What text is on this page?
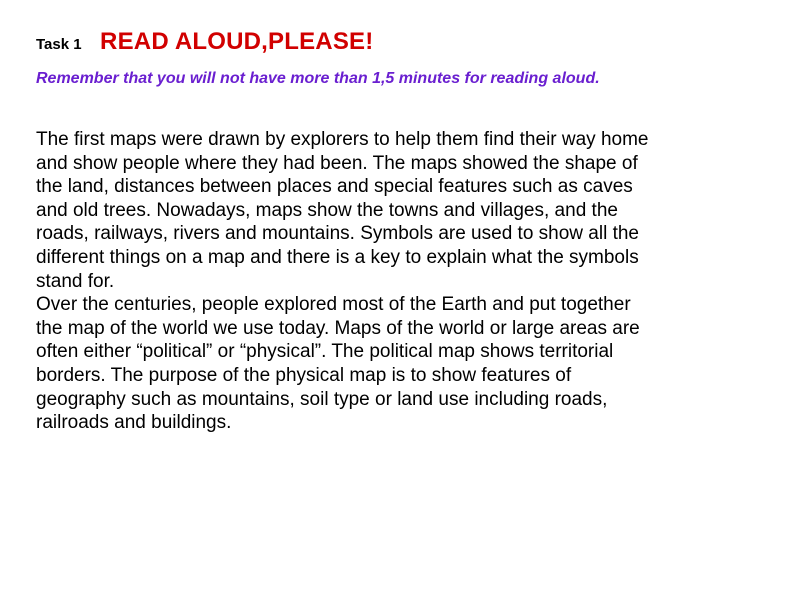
Task 1 READ ALOUD,PLEASE!
Remember that you will not have more than 1,5 minutes for reading aloud.

The first maps were drawn by explorers to help them find their way home
and show people where they had been. The maps showed the shape of
the land, distances between places and special features such as caves
and old trees. Nowadays, maps show the towns and villages, and the
roads, railways, rivers and mountains. Symbols are used to show all the
different things on a map and there is a key to explain what the symbols
stand for.

Over the centuries, people explored most of the Earth and put together
the map of the world we use today. Maps of the world or large areas are
often either “political” or “physical”. The political map shows territorial
borders. The purpose of the physical map is to show features of
geography such as mountains, soil type or land use including roads,
railroads and buildings.
